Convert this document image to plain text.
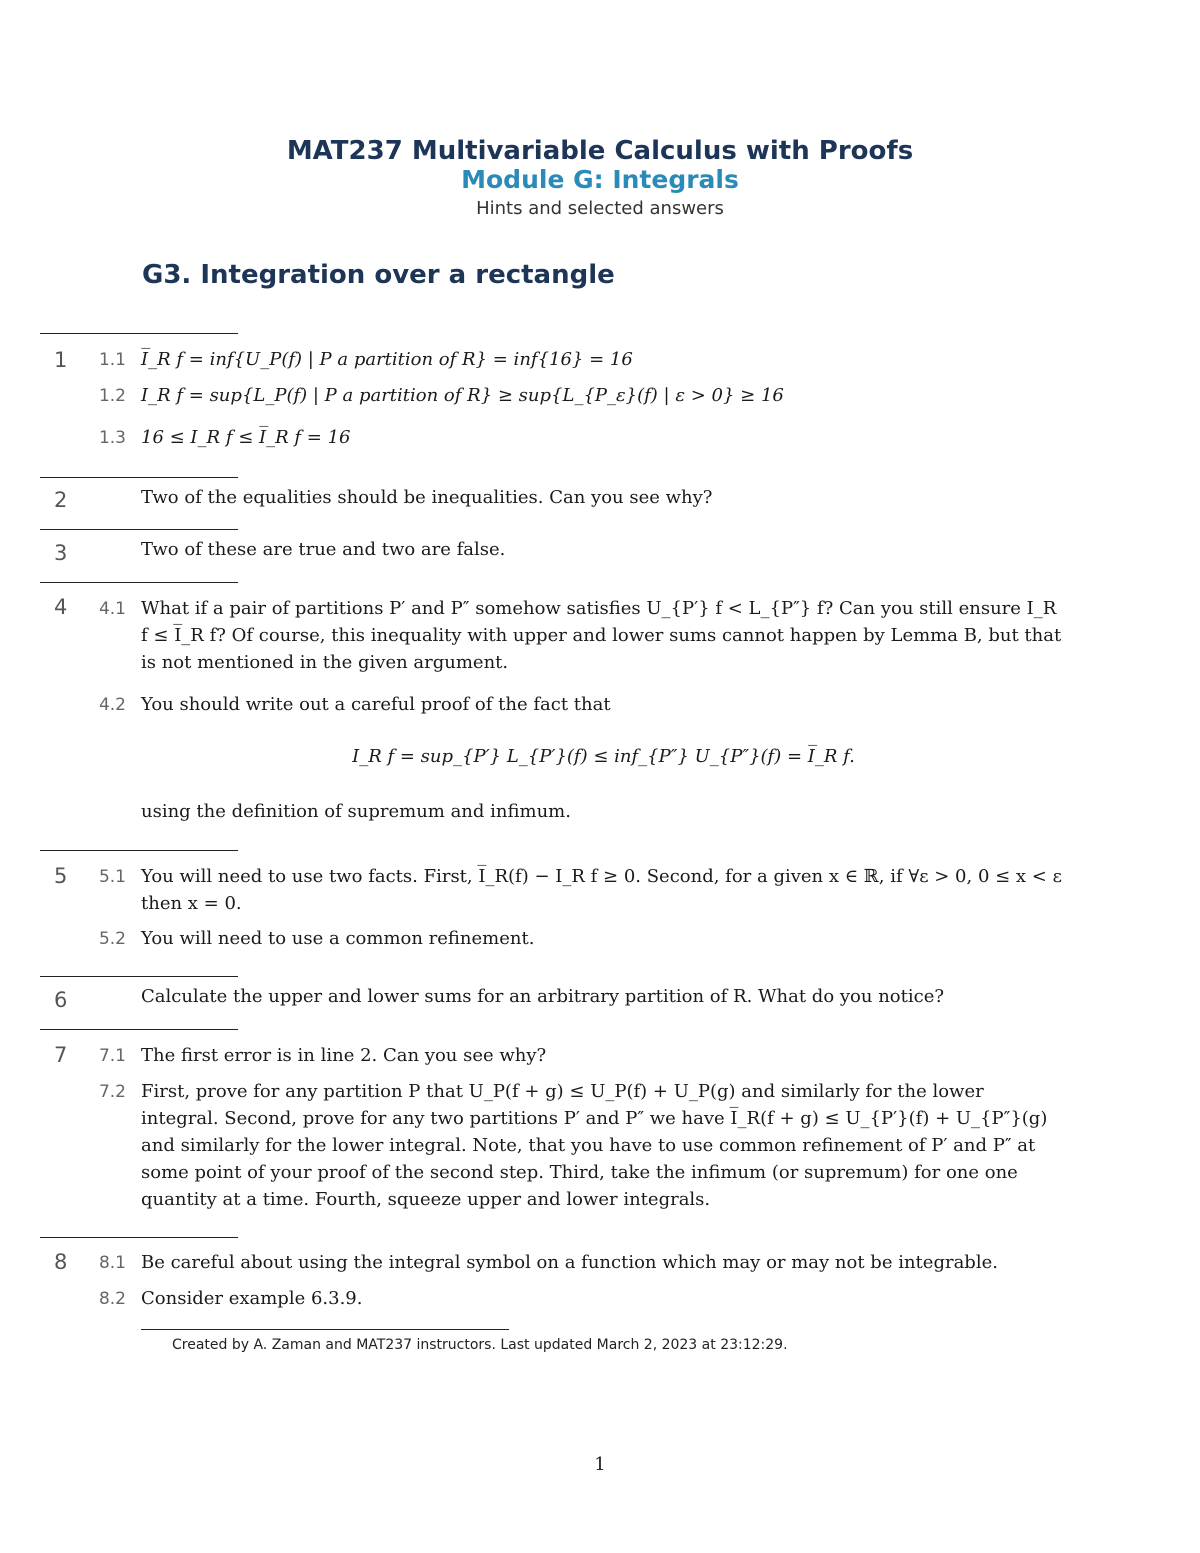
MAT237 Multivariable Calculus with Proofs
Module G: Integrals
Hints and selected answers
G3. Integration over a rectangle
1	1.1 I̅_R f = inf{U_P(f) | P a partition of R} = inf{16} = 16
1.2 I_R f = sup{L_P(f) | P a partition of R} ≥ sup{L_{P_ε}(f) | ε > 0} ≥ 16
1.3 16 ≤ I_R f ≤ I̅_R f = 16
2	Two of the equalities should be inequalities. Can you see why?
3	Two of these are true and two are false.
4	4.1 What if a pair of partitions P′ and P″ somehow satisfies U_{P′} f < L_{P″} f? Can you still ensure I_R f ≤ I̅_R f? Of course, this inequality with upper and lower sums cannot happen by Lemma B, but that is not mentioned in the given argument.
4.2 You should write out a careful proof of the fact that
I_R f = sup_{P′} L_{P′}(f) ≤ inf_{P″} U_{P″}(f) = I̅_R f.
using the definition of supremum and infimum.
5	5.1 You will need to use two facts. First, I̅_R(f) − I_R f ≥ 0. Second, for a given x ∈ ℝ, if ∀ε > 0, 0 ≤ x < ε then x = 0.
5.2 You will need to use a common refinement.
6	Calculate the upper and lower sums for an arbitrary partition of R. What do you notice?
7	7.1 The first error is in line 2. Can you see why?
7.2 First, prove for any partition P that U_P(f + g) ≤ U_P(f) + U_P(g) and similarly for the lower integral. Second, prove for any two partitions P′ and P″ we have I̅_R(f + g) ≤ U_{P′}(f) + U_{P″}(g) and similarly for the lower integral. Note, that you have to use common refinement of P′ and P″ at some point of your proof of the second step. Third, take the infimum (or supremum) for one one quantity at a time. Fourth, squeeze upper and lower integrals.
8	8.1 Be careful about using the integral symbol on a function which may or may not be integrable.
8.2 Consider example 6.3.9.
Created by A. Zaman and MAT237 instructors. Last updated March 2, 2023 at 23:12:29.
1
